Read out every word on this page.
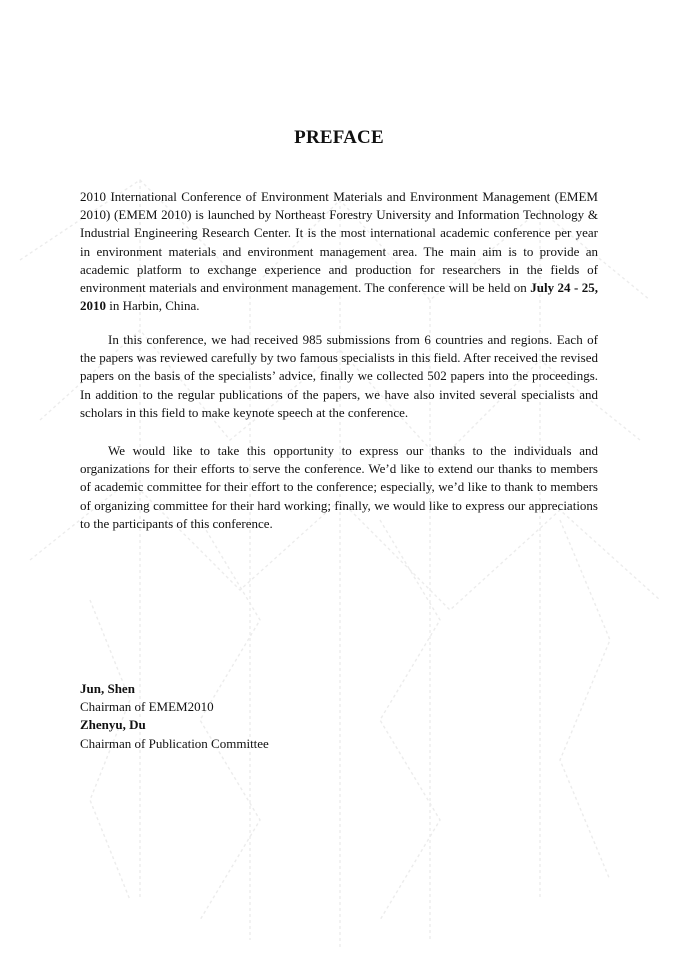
PREFACE

2010 International Conference of Environment Materials and Environment Management (EMEM 2010) (EMEM 2010) is launched by Northeast Forestry University and Information Technology & Industrial Engineering Research Center. It is the most international academic conference per year in environment materials and environment management area. The main aim is to provide an academic platform to exchange experience and production for researchers in the fields of environment materials and environment management. The conference will be held on July 24 - 25, 2010 in Harbin, China.

In this conference, we had received 985 submissions from 6 countries and regions. Each of the papers was reviewed carefully by two famous specialists in this field. After received the revised papers on the basis of the specialists’ advice, finally we collected 502 papers into the proceedings. In addition to the regular publications of the papers, we have also invited several specialists and scholars in this field to make keynote speech at the conference.

We would like to take this opportunity to express our thanks to the individuals and organizations for their efforts to serve the conference. We’d like to extend our thanks to members of academic committee for their effort to the conference; especially, we’d like to thank to members of organizing committee for their hard working; finally, we would like to express our appreciations to the participants of this conference.

Jun, Shen
Chairman of EMEM2010
Zhenyu, Du
Chairman of Publication Committee
